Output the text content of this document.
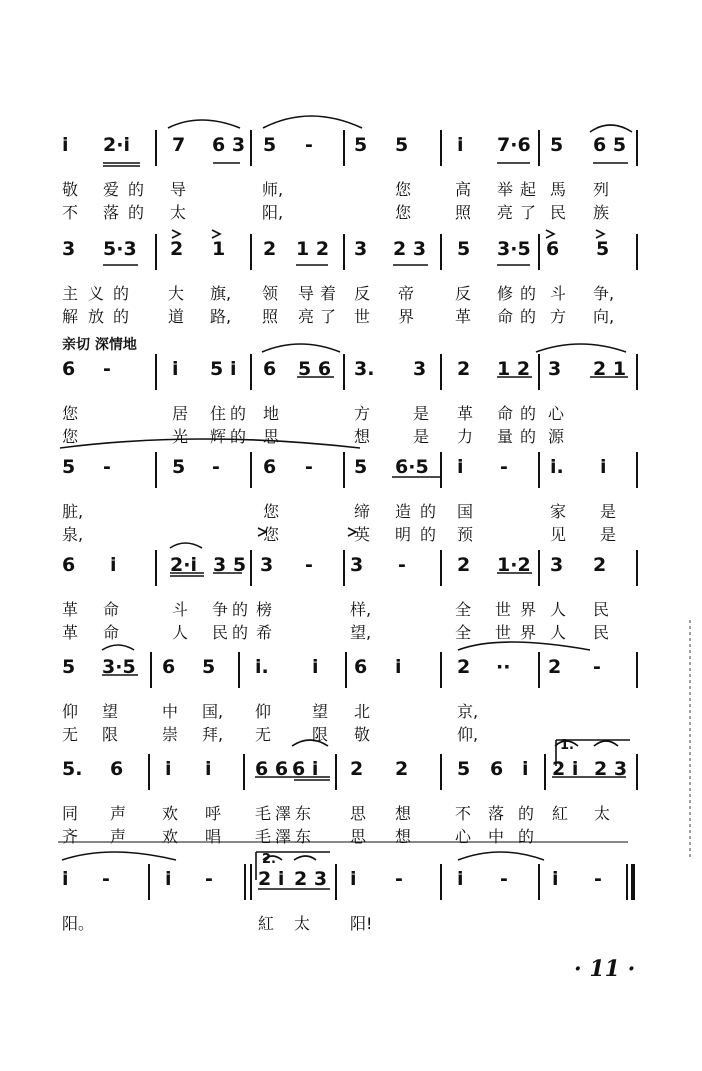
i 2·i 7 6 3 5 - 5 5	i 7·6 5 6 5
敬 爱 的 导	师,	您	高 举 起 馬 列
不 落 的 太	阳,	您	照 亮 了 民 族
3 5·3 2 1 2 1 2 3 2 3 5 3·5 6 5
主 义 的 大 旗, 领 导 着 反 帝	反 修 的 斗 争,
解 放 的 道 路, 照 亮 了 世 界	革 命 的 方 向,
亲切 深情地
6 -	i 5 i 6 5 6 3. 3 2 1 2 3 2 1
您	居 住 的 地	方	是 革 命 的 心
您	光 辉 的 思	想	是 力 量 的 源
5 -	5 - 6 - 5 6·5 i - i. i
脏,	您	缔 造 的 国	家 是
泉,	您	英 明 的 预	见 是
6 i	2·i 3 5 3 - 3 -	2 1·2 3 2
革 命	斗 争 的 榜	样,	全 世 界 人 民
革 命	人 民 的 希	望,	全 世 界 人 民
5 3·5 6 5 i. i 6 i	2 ·· 2 -
仰 望	中 国, 仰	望 北	京,
无 限	崇 拜, 无	限 敬	仰,
1.
5. 6 i i 6 6 6 i 2 2	5 6 i 2 i 2 3
同 声 欢 呼 毛 澤 东 思 想	不 落 的 紅 太
齐 声 欢 唱 毛 澤 东 思 想	心 中 的
2.
i -	i - 2 i 2 3 i -	i - i -
阳。	紅 太 阳!
· 11 ·
